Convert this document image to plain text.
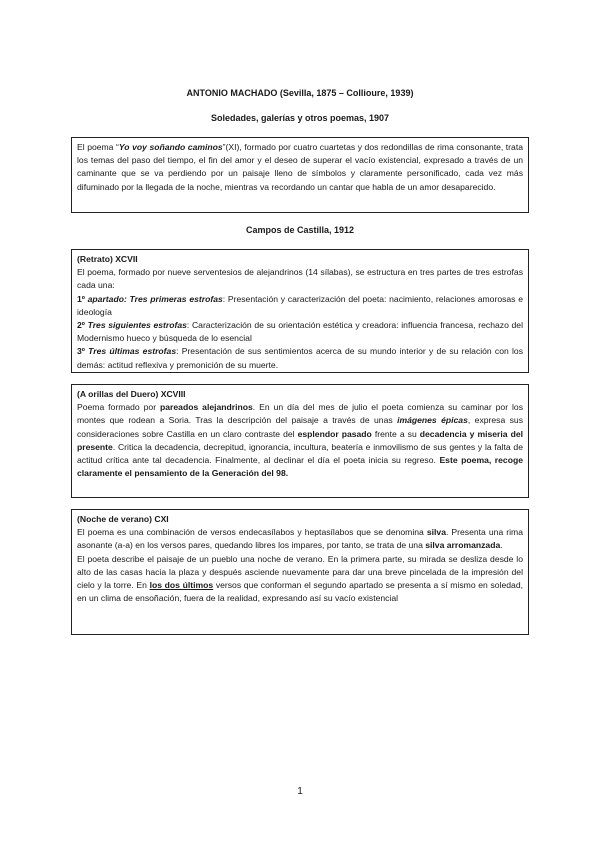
ANTONIO MACHADO (Sevilla, 1875 – Collioure, 1939)

Soledades, galerías y otros poemas, 1907

El poema “Yo voy soñando caminos”(XI), formado por cuatro cuartetas y dos redondillas de rima consonante, trata los temas del paso del tiempo, el fin del amor y el deseo de superar el vacío existencial, expresado a través de un caminante que se va perdiendo por un paisaje lleno de símbolos y claramente personificado, cada vez más difuminado por la llegada de la noche, mientras va recordando un cantar que habla de un amor desaparecido.

Campos de Castilla, 1912

(Retrato) XCVII

El poema, formado por nueve serventesios de alejandrinos (14 sílabas), se estructura en tres partes de tres estrofas cada una:

1º apartado: Tres primeras estrofas: Presentación y caracterización del poeta: nacimiento, relaciones amorosas e ideología

2º Tres siguientes estrofas: Caracterización de su orientación estética y creadora: influencia francesa, rechazo del Modernismo hueco y búsqueda de lo esencial

3º Tres últimas estrofas: Presentación de sus sentimientos acerca de su mundo interior y de su relación con los demás: actitud reflexiva y premonición de su muerte.

(A orillas del Duero) XCVIII

Poema formado por pareados alejandrinos. En un día del mes de julio el poeta comienza su caminar por los montes que rodean a Soria. Tras la descripción del paisaje a través de unas imágenes épicas, expresa sus consideraciones sobre Castilla en un claro contraste del esplendor pasado frente a su decadencia y miseria del presente. Critica la decadencia, decrepitud, ignorancia, incultura, beatería e inmovilismo de sus gentes y la falta de actitud crítica ante tal decadencia. Finalmente, al declinar el día el poeta inicia su regreso. Este poema, recoge claramente el pensamiento de la Generación del 98.

(Noche de verano) CXI

El poema es una combinación de versos endecasílabos y heptasílabos que se denomina silva. Presenta una rima asonante (a-a) en los versos pares, quedando libres los impares, por tanto, se trata de una silva arromanzada.

El poeta describe el paisaje de un pueblo una noche de verano. En la primera parte, su mirada se desliza desde lo alto de las casas hacia la plaza y después asciende nuevamente para dar una breve pincelada de la impresión del cielo y la torre. En los dos últimos versos que conforman el segundo apartado se presenta a sí mismo en soledad, en un clima de ensoñación, fuera de la realidad, expresando así su vacío existencial

1
